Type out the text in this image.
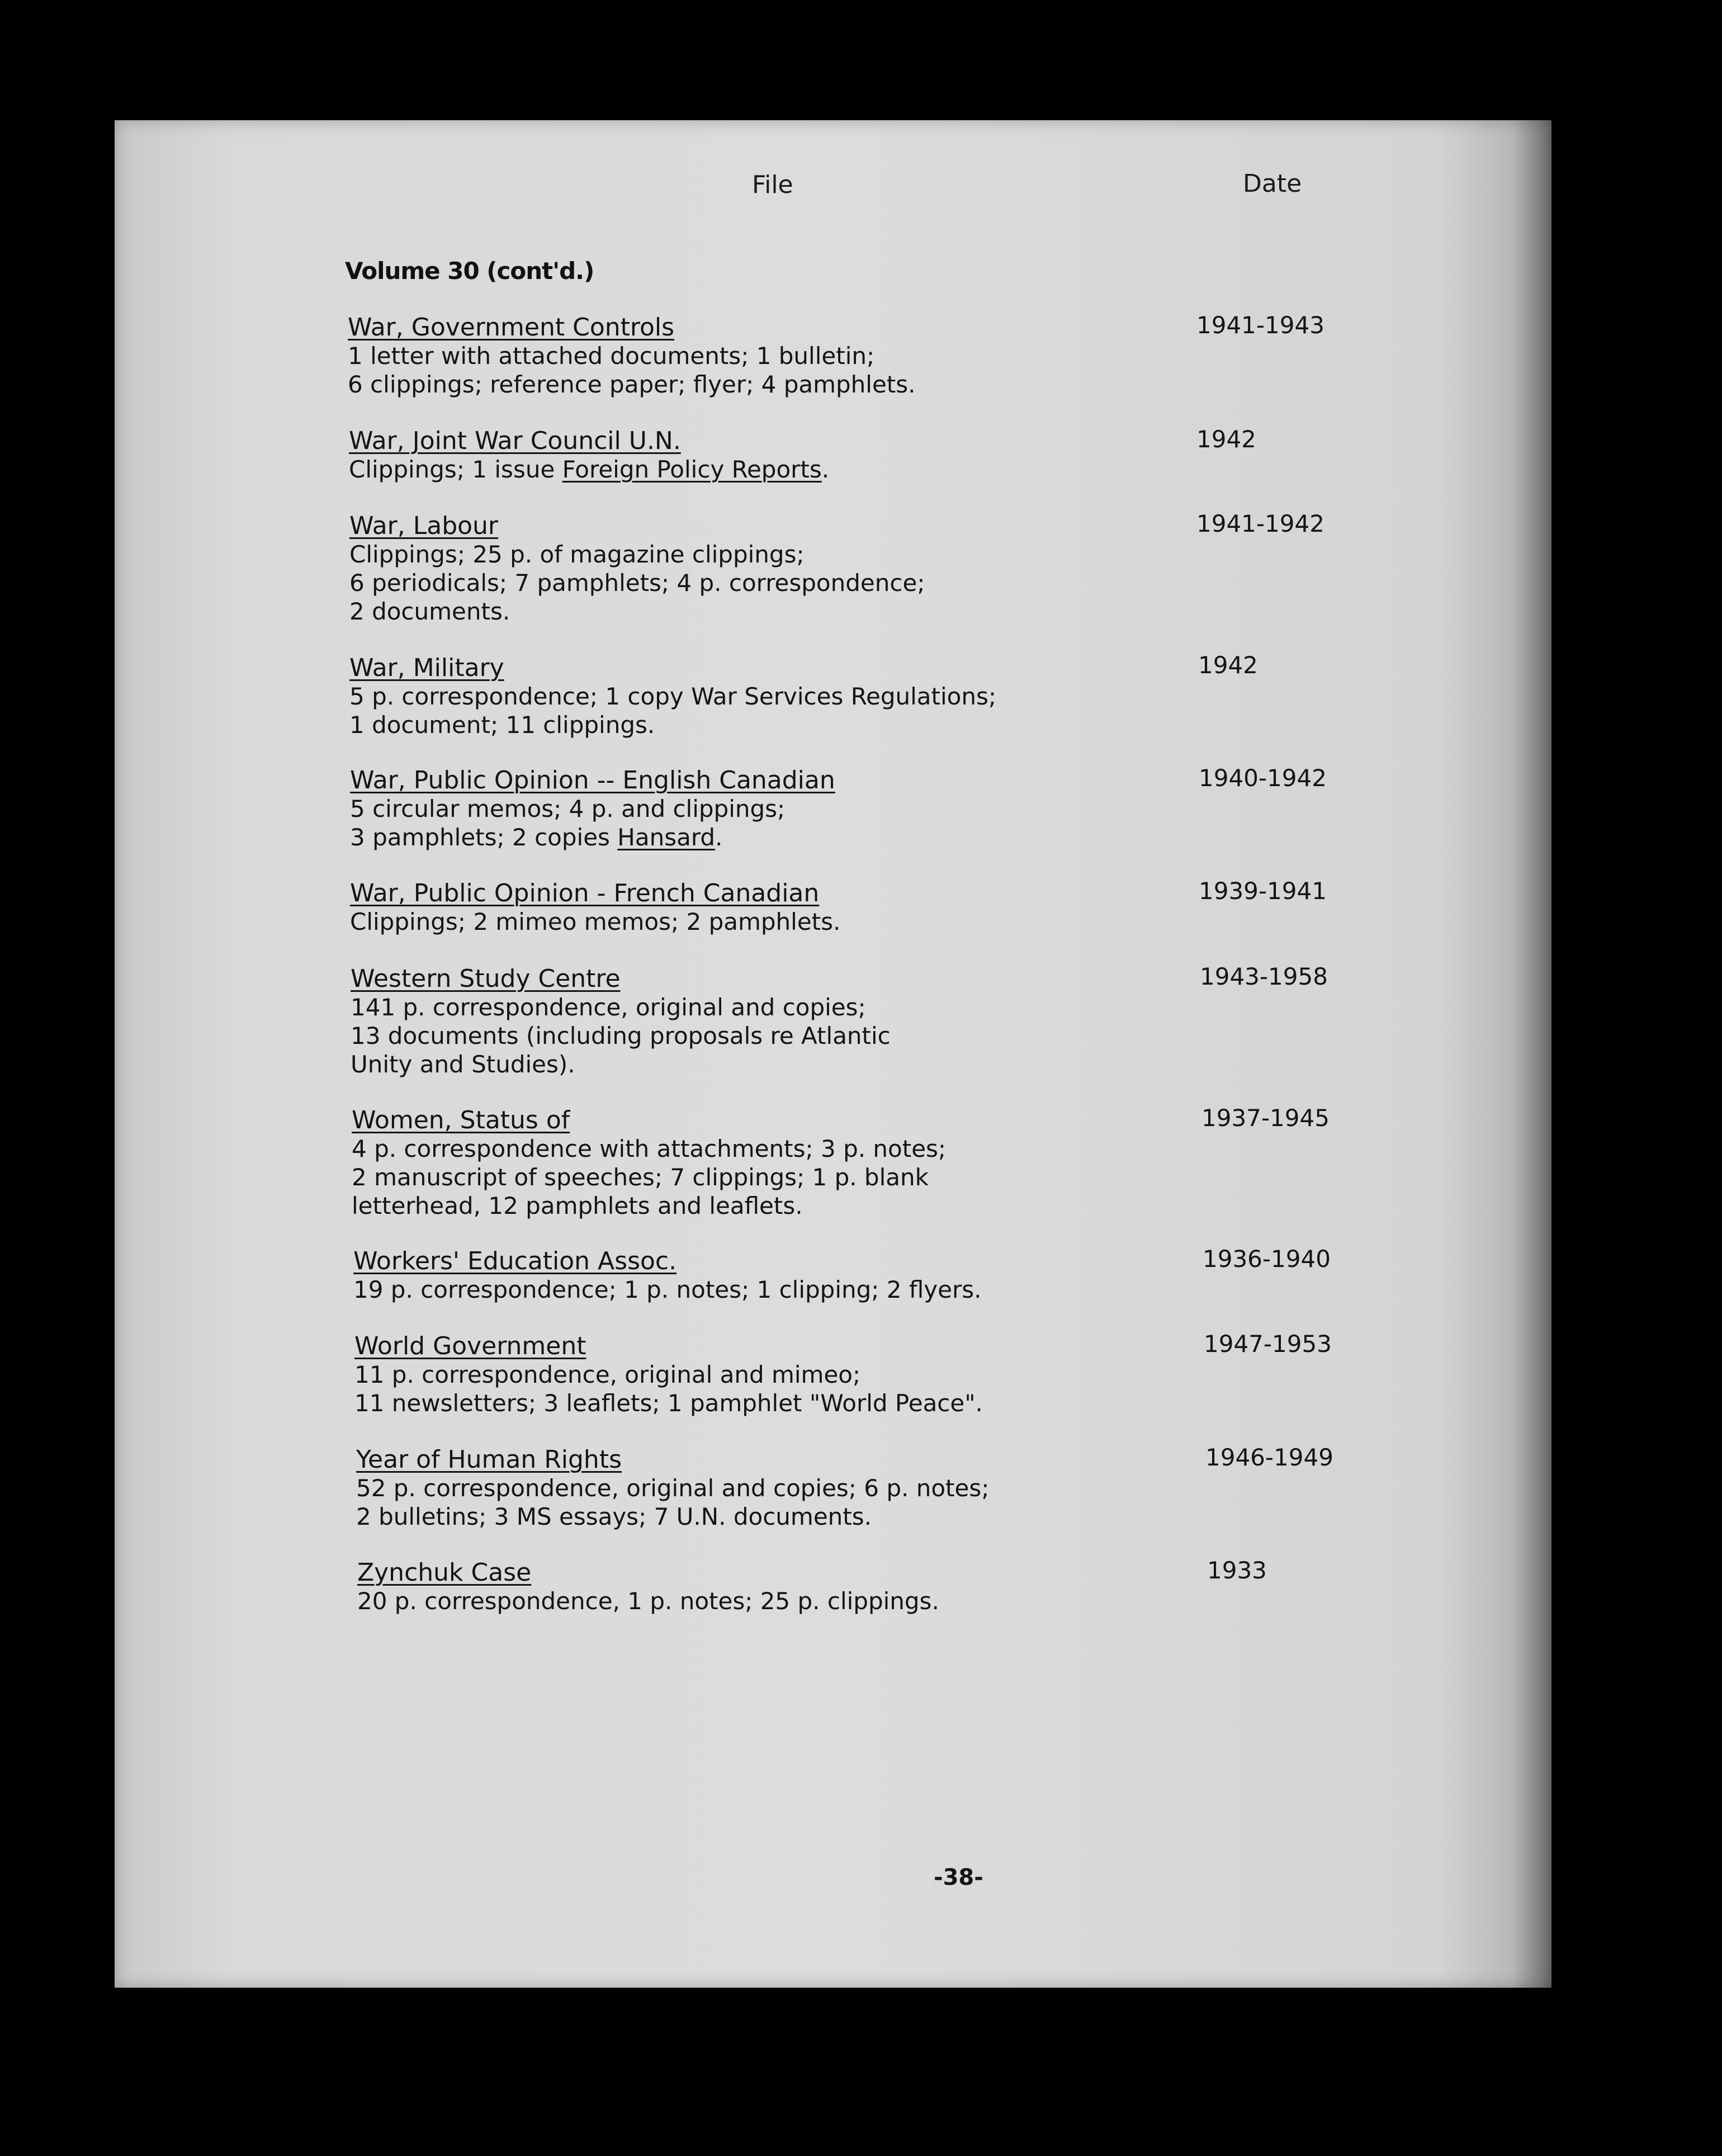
File	Date
Volume 30 (cont'd.)
War, Government Controls	1941-1943
1 letter with attached documents; 1 bulletin;
6 clippings; reference paper; flyer; 4 pamphlets.
War, Joint War Council U.N.	1942
Clippings; 1 issue Foreign Policy Reports.
War, Labour	1941-1942
Clippings; 25 p. of magazine clippings;
6 periodicals; 7 pamphlets; 4 p. correspondence;
2 documents.
War, Military	1942
5 p. correspondence; 1 copy War Services Regulations;
1 document; 11 clippings.
War, Public Opinion -- English Canadian	1940-1942
5 circular memos; 4 p. and clippings;
3 pamphlets; 2 copies Hansard.
War, Public Opinion - French Canadian	1939-1941
Clippings; 2 mimeo memos; 2 pamphlets.
Western Study Centre	1943-1958
141 p. correspondence, original and copies;
13 documents (including proposals re Atlantic
Unity and Studies).
Women, Status of	1937-1945
4 p. correspondence with attachments; 3 p. notes;
2 manuscript of speeches; 7 clippings; 1 p. blank
letterhead, 12 pamphlets and leaflets.
Workers' Education Assoc.	1936-1940
19 p. correspondence; 1 p. notes; 1 clipping; 2 flyers.
World Government	1947-1953
11 p. correspondence, original and mimeo;
11 newsletters; 3 leaflets; 1 pamphlet "World Peace".
Year of Human Rights	1946-1949
52 p. correspondence, original and copies; 6 p. notes;
2 bulletins; 3 MS essays; 7 U.N. documents.
Zynchuk Case	1933
20 p. correspondence, 1 p. notes; 25 p. clippings.
-38-
